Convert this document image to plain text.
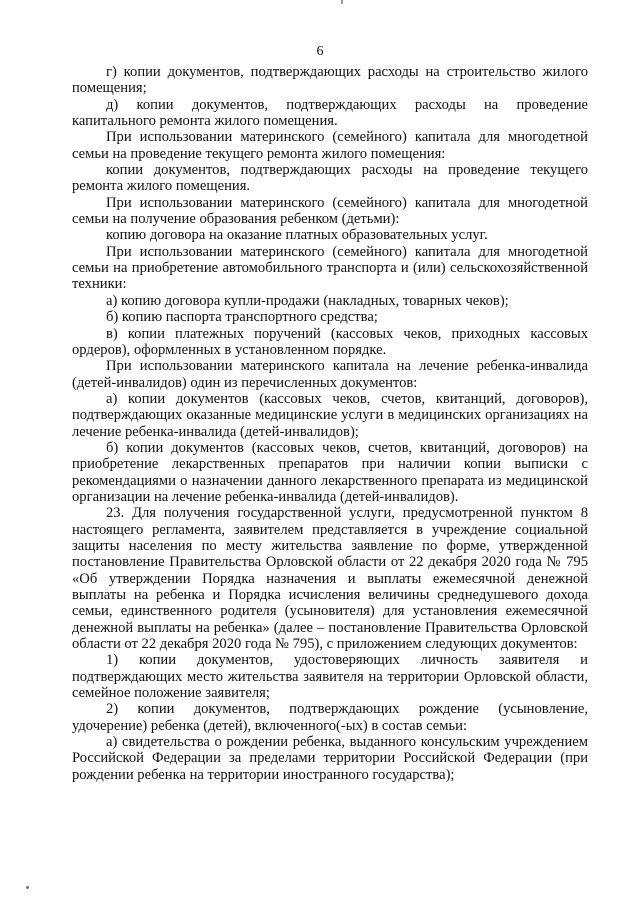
6

г) копии документов, подтверждающих расходы на строительство жилого помещения;

д) копии документов, подтверждающих расходы на проведение капитального ремонта жилого помещения.

При использовании материнского (семейного) капитала для многодетной семьи на проведение текущего ремонта жилого помещения:

копии документов, подтверждающих расходы на проведение текущего ремонта жилого помещения.

При использовании материнского (семейного) капитала для многодетной семьи на получение образования ребенком (детьми):

копию договора на оказание платных образовательных услуг.

При использовании материнского (семейного) капитала для многодетной семьи на приобретение автомобильного транспорта и (или) сельскохозяйственной техники:

а) копию договора купли-продажи (накладных, товарных чеков);

б) копию паспорта транспортного средства;

в) копии платежных поручений (кассовых чеков, приходных кассовых ордеров), оформленных в установленном порядке.

При использовании материнского капитала на лечение ребенка-инвалида (детей-инвалидов) один из перечисленных документов:

а) копии документов (кассовых чеков, счетов, квитанций, договоров), подтверждающих оказанные медицинские услуги в медицинских организациях на лечение ребенка-инвалида (детей-инвалидов);

б) копии документов (кассовых чеков, счетов, квитанций, договоров) на приобретение лекарственных препаратов при наличии копии выписки с рекомендациями о назначении данного лекарственного препарата из медицинской организации на лечение ребенка-инвалида (детей-инвалидов).

23. Для получения государственной услуги, предусмотренной пунктом 8 настоящего регламента, заявителем представляется в учреждение социальной защиты населения по месту жительства заявление по форме, утвержденной постановление Правительства Орловской области от 22 декабря 2020 года № 795 «Об утверждении Порядка назначения и выплаты ежемесячной денежной выплаты на ребенка и Порядка исчисления величины среднедушевого дохода семьи, единственного родителя (усыновителя) для установления ежемесячной денежной выплаты на ребенка» (далее – постановление Правительства Орловской области от 22 декабря 2020 года № 795), с приложением следующих документов:

1) копии документов, удостоверяющих личность заявителя и подтверждающих место жительства заявителя на территории Орловской области, семейное положение заявителя;

2) копии документов, подтверждающих рождение (усыновление, удочерение) ребенка (детей), включенного(-ых) в состав семьи:

а) свидетельства о рождении ребенка, выданного консульским учреждением Российской Федерации за пределами территории Российской Федерации (при рождении ребенка на территории иностранного государства);
